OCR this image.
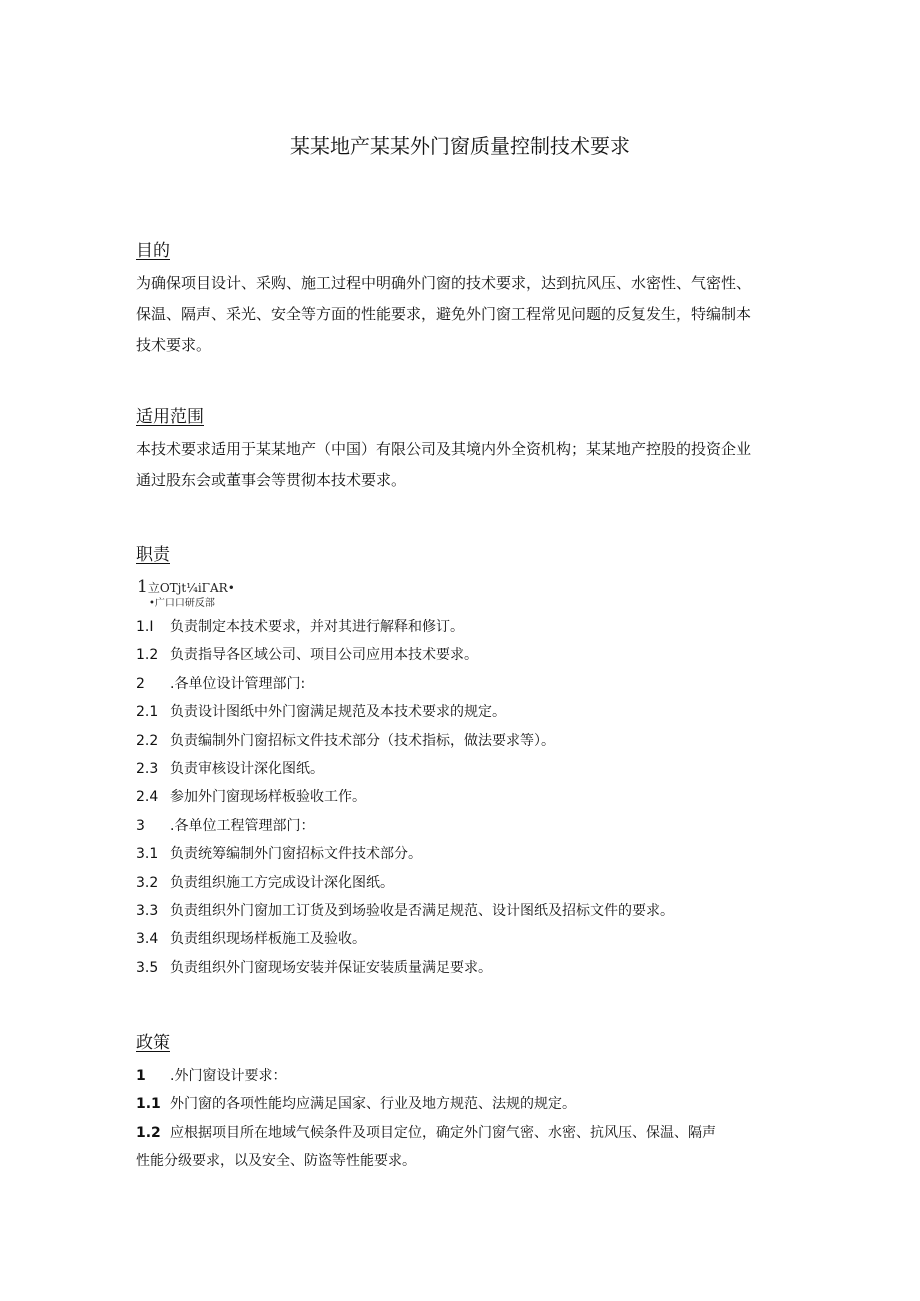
某某地产某某外门窗质量控制技术要求
目的

为确保项目设计、采购、施工过程中明确外门窗的技术要求，达到抗风压、水密性、气密性、

保温、隔声、采光、安全等方面的性能要求，避免外门窗工程常见问题的反复发生，特编制本

技术要求。

适用范围

本技术要求适用于某某地产（中国）有限公司及其境内外全资机构；某某地产控股的投资企业

通过股东会或董事会等贯彻本技术要求。

职责
1立OTjt¼iΓAR•
•广口口研反部
1.I	负责制定本技术要求，并对其进行解释和修订。
1.2 负责指导各区域公司、项目公司应用本技术要求。
2	.各单位设计管理部门:
2.1 负责设计图纸中外门窗满足规范及本技术要求的规定。
2.2 负责编制外门窗招标文件技术部分（技术指标，做法要求等）。
2.3 负责审核设计深化图纸。
2.4 参加外门窗现场样板验收工作。
3	.各单位工程管理部门：
3.1 负责统筹编制外门窗招标文件技术部分。
3.2 负责组织施工方完成设计深化图纸。
3.3 负责组织外门窗加工订货及到场验收是否满足规范、设计图纸及招标文件的要求。
3.4 负责组织现场样板施工及验收。
3.5 负责组织外门窗现场安装并保证安装质量满足要求。
政策
1 .外门窗设计要求：
1.1 外门窗的各项性能均应满足国家、行业及地方规范、法规的规定。
1.2 应根据项目所在地域气候条件及项目定位，确定外门窗气密、水密、抗风压、保温、隔声
性能分级要求，以及安全、防盗等性能要求。
